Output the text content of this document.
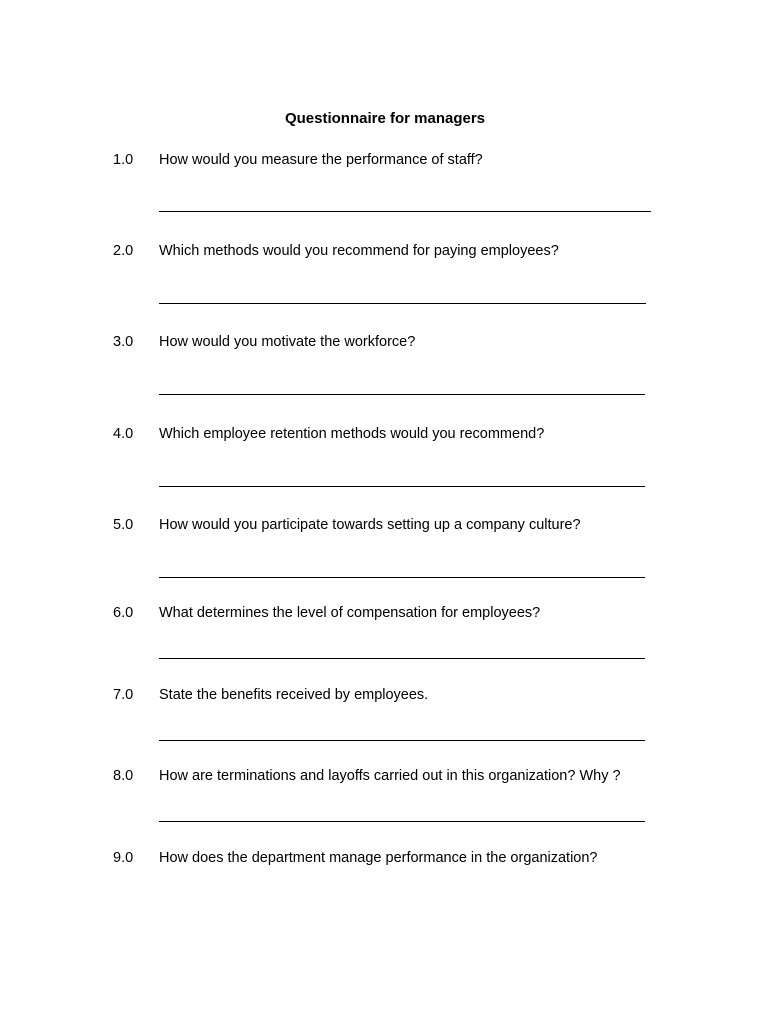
Questionnaire for managers
1.0 How would you measure the performance of staff?
2.0 Which methods would you recommend for paying employees?
3.0 How would you motivate the workforce?
4.0 Which employee retention methods would you recommend?
5.0 How would you participate towards setting up a company culture?
6.0 What determines the level of compensation for employees?
7.0 State the benefits received by employees.
8.0 How are terminations and layoffs carried out in this organization? Why ?
9.0 How does the department manage performance in the organization?
